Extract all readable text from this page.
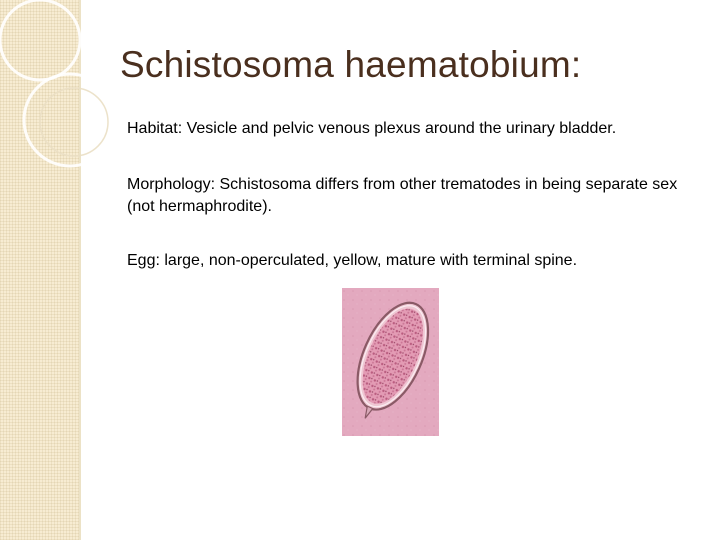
Schistosoma haematobium:

Habitat: Vesicle and pelvic venous plexus around the urinary bladder.

Morphology: Schistosoma differs from other trematodes in being separate sex (not hermaphrodite).

Egg: large, non-operculated, yellow, mature with terminal spine.
